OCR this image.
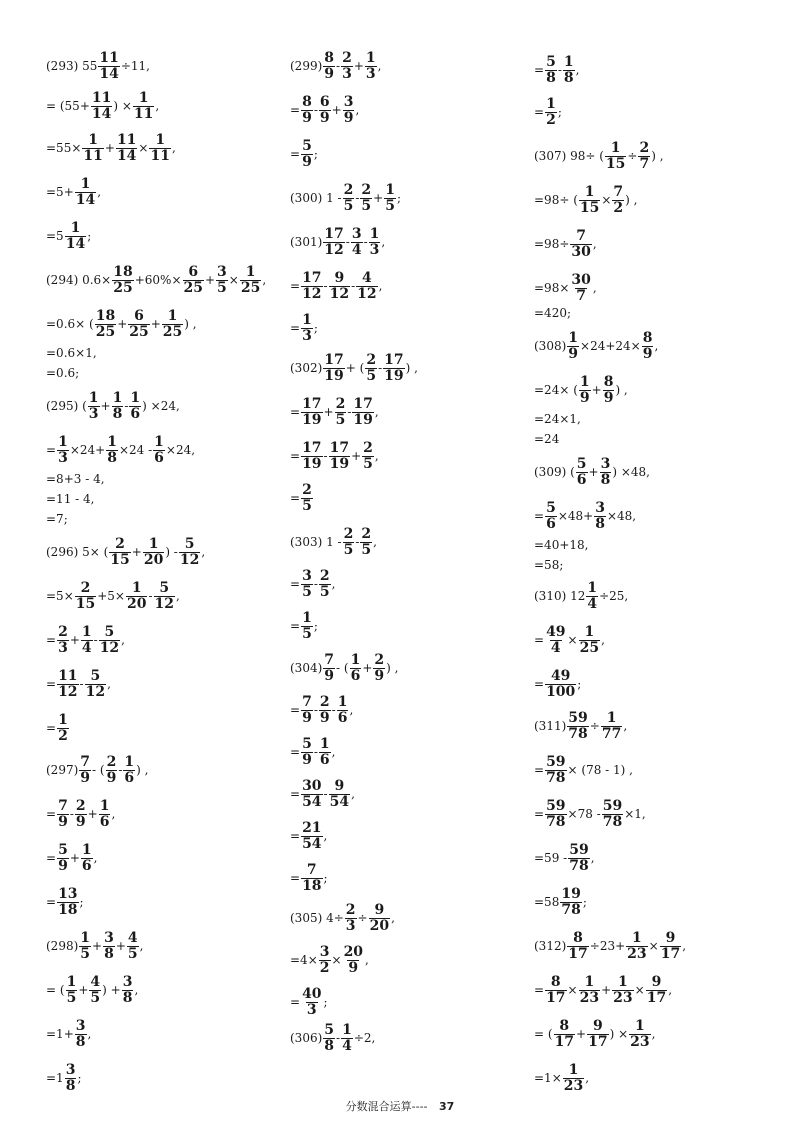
(293) $55 \frac{11}{14} \div 11$,
= ($55+ \frac{11}{14}$ ) × $\frac{1}{11}$ ,
$=55\times \frac{1}{11} + \frac{11}{14} \times \frac{1}{11}$ ,
$=5+ \frac{1}{14}$ ,
$=5 \frac{1}{14}$ ;
(294) $0.6\times \frac{18}{25} +60\%\times \frac{6}{25} + \frac{3}{5} \times \frac{1}{25}$ ,
=0.6× ( $\frac{18}{25} + \frac{6}{25} + \frac{1}{25}$ ) ,
=0.6×1,
=0.6;
(295) ( $\frac{1}{3} + \frac{1}{8} - \frac{1}{6}$ ) ×24,
= $\frac{1}{3} \times 24+ \frac{1}{8} \times 24 - \frac{1}{6} \times 24$,
=8+3 - 4,
=11 - 4,
=7;
(296) 5× ( $\frac{2}{15} + \frac{1}{20}$ ) - $\frac{5}{12}$ ,
$=5\times \frac{2}{15} +5\times \frac{1}{20} - \frac{5}{12}$ ,
= $\frac{2}{3} + \frac{1}{4} - \frac{5}{12}$ ,
= $\frac{11}{12} - \frac{5}{12}$ ,
= $\frac{1}{2}$
$(297) \frac{7}{9}$ - ( $\frac{2}{9} - \frac{1}{6}$ ) ,
= $\frac{7}{9} - \frac{2}{9} + \frac{1}{6}$ ,
= $\frac{5}{9} + \frac{1}{6}$ ,
= $\frac{13}{18}$ ;
$(298) \frac{1}{5} + \frac{3}{8} + \frac{4}{5}$ ,
= ( $\frac{1}{5} + \frac{4}{5}$ ) + $\frac{3}{8}$ ,
$=1+ \frac{3}{8}$ ,
$=1 \frac{3}{8}$ ;
$(299) \frac{8}{9} - \frac{2}{3} + \frac{1}{3}$ ,
= $\frac{8}{9} - \frac{6}{9} + \frac{3}{9}$ ,
= $\frac{5}{9}$ ;
(300) $1 - \frac{2}{5} - \frac{2}{5} + \frac{1}{5}$ ;
$(301) \frac{17}{12} - \frac{3}{4} - \frac{1}{3}$ ,
= $\frac{17}{12} - \frac{9}{12} - \frac{4}{12}$ ,
= $\frac{1}{3}$ ;
$(302) \frac{17}{19}$ + ( $\frac{2}{5} - \frac{17}{19}$ ) ,
= $\frac{17}{19} + \frac{2}{5} - \frac{17}{19}$ ,
= $\frac{17}{19} - \frac{17}{19} + \frac{2}{5}$ ,
= $\frac{2}{5}$
(303) $1 - \frac{2}{5} - \frac{2}{5}$ ,
= $\frac{3}{5} - \frac{2}{5}$ ,
= $\frac{1}{5}$ ;
$(304) \frac{7}{9}$ - ( $\frac{1}{6} + \frac{2}{9}$ ) ,
= $\frac{7}{9} - \frac{2}{9} - \frac{1}{6}$ ,
= $\frac{5}{9} - \frac{1}{6}$ ,
= $\frac{30}{54} - \frac{9}{54}$ ,
= $\frac{21}{54}$ ,
= $\frac{7}{18}$ ;
(305) $4\div \frac{2}{3} \div \frac{9}{20}$ ,
$=4\times \frac{3}{2} \times \frac{20}{9}$ ,
= $\frac{40}{3}$ ;
$(306) \frac{5}{8} - \frac{1}{4} \div 2$,
= $\frac{5}{8} - \frac{1}{8}$ ,
= $\frac{1}{2}$ ;
(307) 98÷ ( $\frac{1}{15} \div \frac{2}{7}$ ) ,
=98÷ ( $\frac{1}{15} \times \frac{7}{2}$ ) ,
$=98\div \frac{7}{30}$ ,
$=98\times \frac{30}{7}$ ,
=420;
$(308) \frac{1}{9} \times 24+24\times \frac{8}{9}$ ,
=24× ( $\frac{1}{9} + \frac{8}{9}$ ) ,
=24×1,
=24
(309) ( $\frac{5}{6} + \frac{3}{8}$ ) ×48,
= $\frac{5}{6} \times 48+ \frac{3}{8} \times 48$,
=40+18,
=58;
(310) $12 \frac{1}{4} \div 25$,
= $\frac{49}{4} \times \frac{1}{25}$ ,
= $\frac{49}{100}$ ;
$(311) \frac{59}{78} \div \frac{1}{77}$ ,
= $\frac{59}{78} \times (78 - 1)$ ,
= $\frac{59}{78} \times 78 - \frac{59}{78} \times 1$,
$=59 - \frac{59}{78}$ ,
$=58 \frac{19}{78}$ ;
$(312) \frac{8}{17} \div 23+ \frac{1}{23} \times \frac{9}{17}$ ,
= $\frac{8}{17} \times \frac{1}{23} + \frac{1}{23} \times \frac{9}{17}$ ,
= ( $\frac{8}{17} + \frac{9}{17}$ ) × $\frac{1}{23}$ ,
$=1\times \frac{1}{23}$ ,
分数混合运算---- 37
